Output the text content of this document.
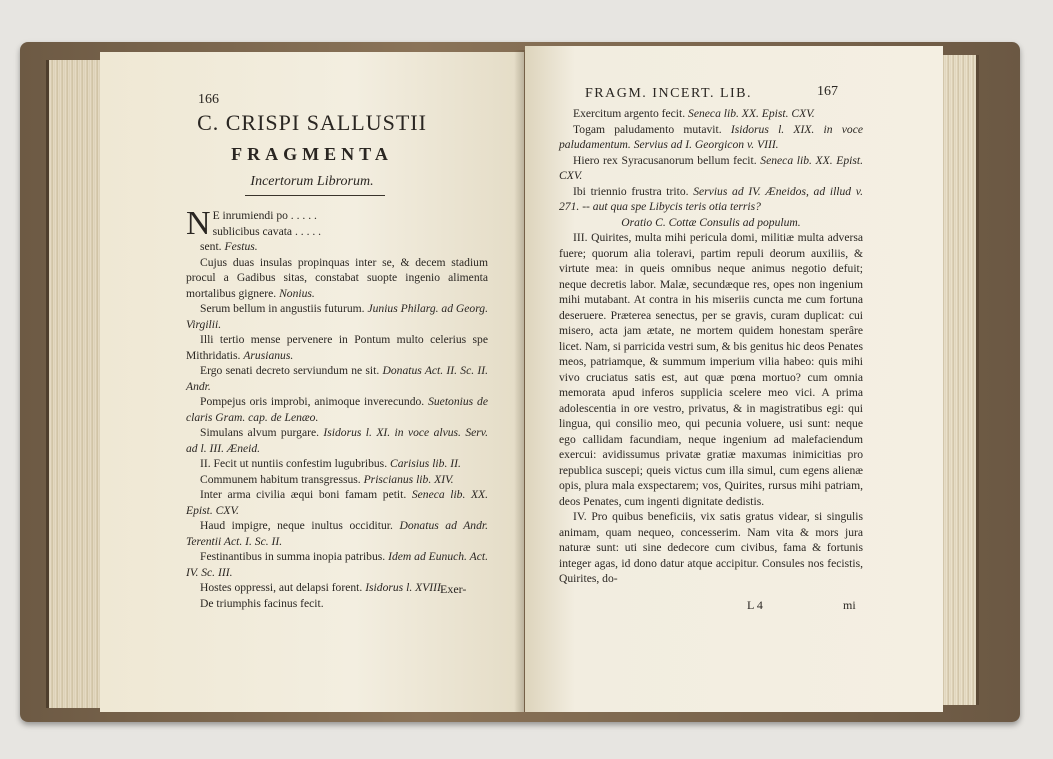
166
C. CRISPI SALLUSTII
FRAGMENTA
Incertorum Librorum.

N E inrumiendi po . . . . .
sublicibus cavata . . . . .

sent. Festus.

Cujus duas insulas propinquas inter se, & decem stadium procul a Gadibus sitas, constabat suopte ingenio alimenta mortalibus gignere. Nonius.

Serum bellum in angustiis futurum. Junius Philarg. ad Georg. Virgilii.

Illi tertio mense pervenere in Pontum multo celerius spe Mithridatis. Arusianus.

Ergo senati decreto serviundum ne sit. Donatus Act. II. Sc. II. Andr.

Pompejus oris improbi, animoque inverecundo. Suetonius de claris Gram. cap. de Lenæo.

Simulans alvum purgare. Isidorus l. XI. in voce alvus. Serv. ad l. III. Æneid.

II. Fecit ut nuntiis confestim lugubribus. Carisius lib. II.

Communem habitum transgressus. Priscianus lib. XIV.

Inter arma civilia æqui boni famam petit. Seneca lib. XX. Epist. CXV.

Haud impigre, neque inultus occiditur. Donatus ad Andr. Terentii Act. I. Sc. II.

Festinantibus in summa inopia patribus. Idem ad Eunuch. Act. IV. Sc. III.

Hostes oppressi, aut delapsi forent. Isidorus l. XVIII.

De triumphis facinus fecit.

Exer-
FRAGM. INCERT. LIB.	167

Exercitum argento fecit. Seneca lib. XX. Epist. CXV.

Togam paludamento mutavit. Isidorus l. XIX. in voce paludamentum. Servius ad I. Georgicon v. VIII.

Hiero rex Syracusanorum bellum fecit. Seneca lib. XX. Epist. CXV.

Ibi triennio frustra trito. Servius ad IV. Æneidos, ad illud v. 271. -- aut qua spe Libycis teris otia terris?

Oratio C. Cottæ Consulis ad populum.

III. Quirites, multa mihi pericula domi, militiæ multa adversa fuere; quorum alia toleravi, partim repuli deorum auxiliis, & virtute mea: in queis omnibus neque animus negotio defuit; neque decretis labor. Malæ, secundæque res, opes non ingenium mihi mutabant. At contra in his miseriis cuncta me cum fortuna deseruere. Præterea senectus, per se gravis, curam duplicat: cui misero, acta jam ætate, ne mortem quidem honestam sperâre licet. Nam, si parricida vestri sum, & bis genitus hic deos Penates meos, patriamque, & summum imperium vilia habeo: quis mihi vivo cruciatus satis est, aut quæ pœna mortuo? cum omnia memorata apud inferos supplicia scelere meo vici. A prima adolescentia in ore vestro, privatus, & in magistratibus egi: qui lingua, qui consilio meo, qui pecunia voluere, usi sunt: neque ego callidam facundiam, neque ingenium ad malefaciendum exercui: avidissumus privatæ gratiæ maxumas inimicitias pro republica suscepi; queis victus cum illa simul, cum egens alienæ opis, plura mala exspectarem; vos, Quirites, rursus mihi patriam, deos Penates, cum ingenti dignitate dedistis.

IV. Pro quibus beneficiis, vix satis gratus videar, si singulis animam, quam nequeo, concesserim. Nam vita & mors jura naturæ sunt: uti sine dedecore cum civibus, fama & fortunis integer agas, id dono datur atque accipitur. Consules nos fecistis, Quirites, do-

L 4	mi
